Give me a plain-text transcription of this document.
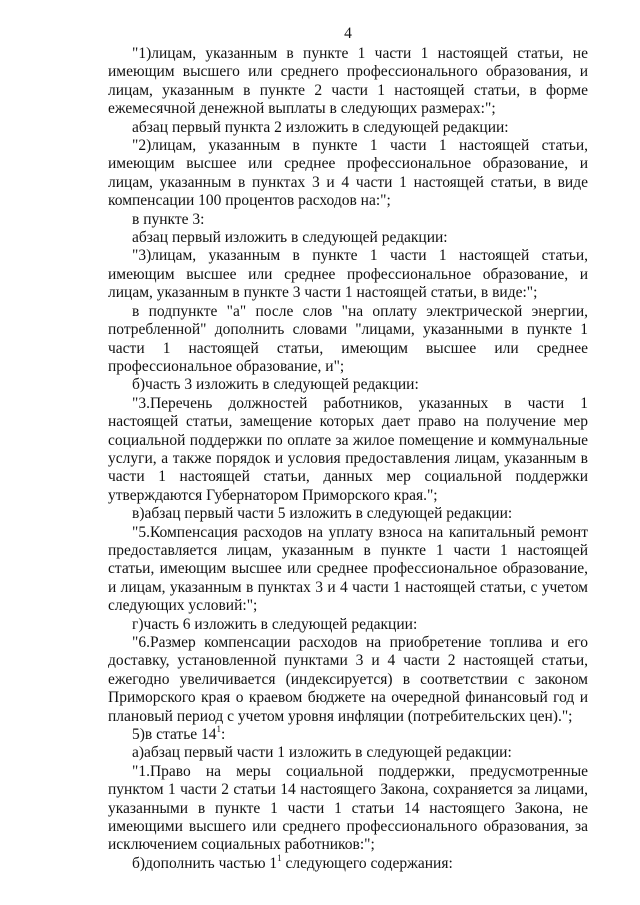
4

"1)лицам, указанным в пункте 1 части 1 настоящей статьи, не имеющим высшего или среднего профессионального образования, и лицам, указанным в пункте 2 части 1 настоящей статьи, в форме ежемесячной денежной выплаты в следующих размерах:";

абзац первый пункта 2 изложить в следующей редакции:

"2)лицам, указанным в пункте 1 части 1 настоящей статьи, имеющим высшее или среднее профессиональное образование, и лицам, указанным в пунктах 3 и 4 части 1 настоящей статьи, в виде компенсации 100 процентов расходов на:";

в пункте 3:

абзац первый изложить в следующей редакции:

"3)лицам, указанным в пункте 1 части 1 настоящей статьи, имеющим высшее или среднее профессиональное образование, и лицам, указанным в пункте 3 части 1 настоящей статьи, в виде:";

в подпункте "а" после слов "на оплату электрической энергии, потребленной" дополнить словами "лицами, указанными в пункте 1 части 1 настоящей статьи, имеющим высшее или среднее профессиональное образование, и";

б)часть 3 изложить в следующей редакции:

"3.Перечень должностей работников, указанных в части 1 настоящей статьи, замещение которых дает право на получение мер социальной поддержки по оплате за жилое помещение и коммунальные услуги, а также порядок и условия предоставления лицам, указанным в части 1 настоящей статьи, данных мер социальной поддержки утверждаются Губернатором Приморского края.";

в)абзац первый части 5 изложить в следующей редакции:

"5.Компенсация расходов на уплату взноса на капитальный ремонт предоставляется лицам, указанным в пункте 1 части 1 настоящей статьи, имеющим высшее или среднее профессиональное образование, и лицам, указанным в пунктах 3 и 4 части 1 настоящей статьи, с учетом следующих условий:";

г)часть 6 изложить в следующей редакции:

"6.Размер компенсации расходов на приобретение топлива и его доставку, установленной пунктами 3 и 4 части 2 настоящей статьи, ежегодно увеличивается (индексируется) в соответствии с законом Приморского края о краевом бюджете на очередной финансовый год и плановый период с учетом уровня инфляции (потребительских цен).";

5)в статье $14^1$:

а)абзац первый части 1 изложить в следующей редакции:

"1.Право на меры социальной поддержки, предусмотренные пунктом 1 части 2 статьи 14 настоящего Закона, сохраняется за лицами, указанными в пункте 1 части 1 статьи 14 настоящего Закона, не имеющими высшего или среднего профессионального образования, за исключением социальных работников:";

б)дополнить частью $1^1$ следующего содержания:
